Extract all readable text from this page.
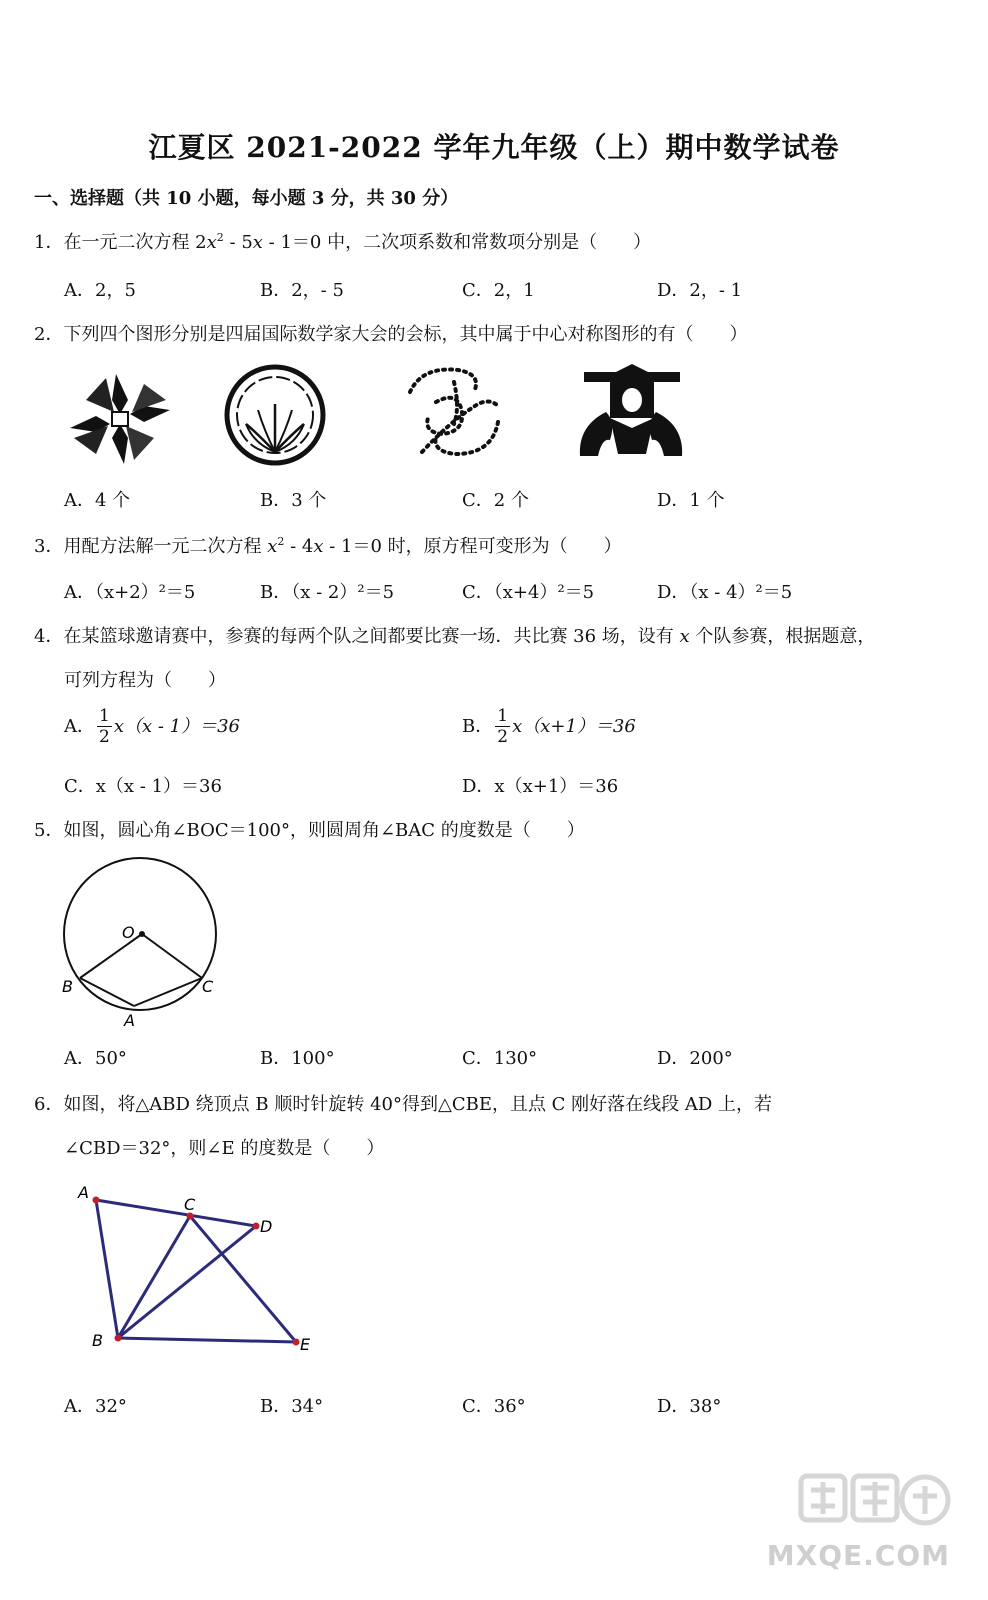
江夏区 2021-2022 学年九年级（上）期中数学试卷
一、选择题（共 10 小题，每小题 3 分，共 30 分）
1．在一元二次方程 $2x^2 - 5x - 1=0$ 中，二次项系数和常数项分别是（　　）
A．2，5	B．2，- 5	C．2，1	D．2，- 1
2．下列四个图形分别是四届国际数学家大会的会标，其中属于中心对称图形的有（　　）
A．4 个	B．3 个	C．2 个	D．1 个
3．用配方法解一元二次方程 $x^2 - 4x - 1=0$ 时，原方程可变形为（　　）
A．（x+2）²＝5	B．（x - 2）²＝5	C．（x+4）²＝5	D．（x - 4）²＝5
4．在某篮球邀请赛中，参赛的每两个队之间都要比赛一场．共比赛 36 场，设有 x 个队参赛，根据题意，
可列方程为（　　）
A． $\frac{1}{2} x(x - 1)=36$	B． $\frac{1}{2} x(x+1)=36$
C．x（x - 1）＝36	D．x（x+1）＝36
5．如图，圆心角∠BOC＝100°，则圆周角∠BAC 的度数是（　　）
O
B	C
A
A．50°	B．100°	C．130°	D．200°
6．如图，将△ABD 绕顶点 B 顺时针旋转 40°得到△CBE，且点 C 刚好落在线段 AD 上，若
∠CBD＝32°，则∠E 的度数是（　　）
A
C
D
B	E
A．32°	B．34°	C．36°	D．38°
MXQE.COM
